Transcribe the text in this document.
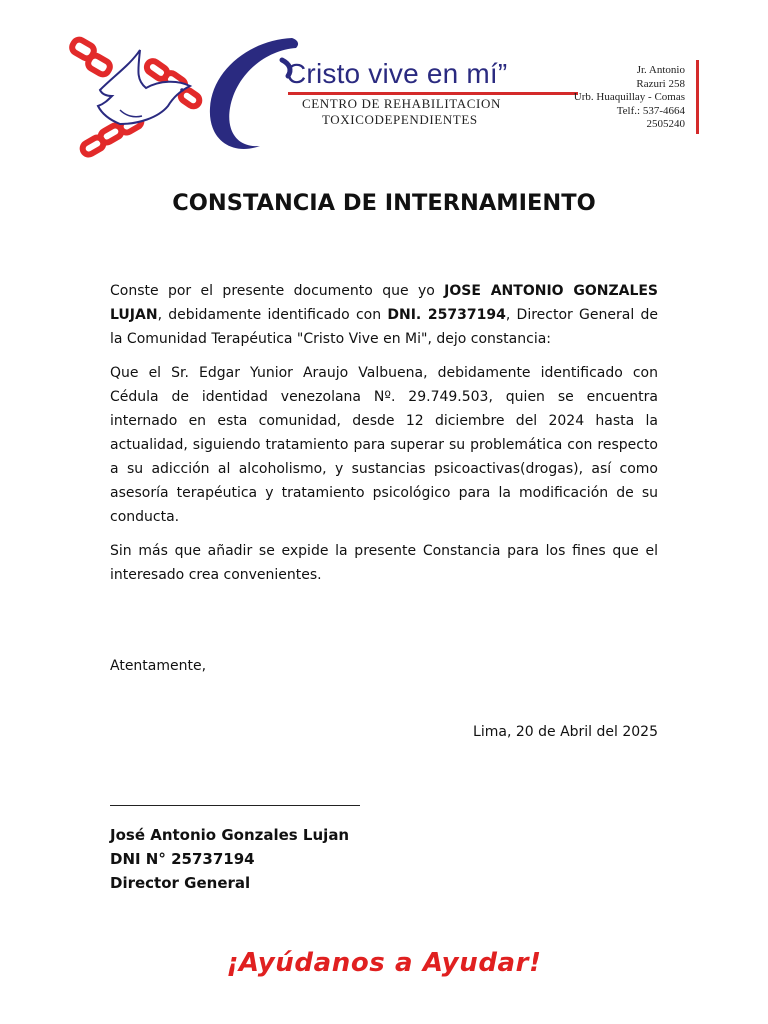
Cristo vive en mí”
CENTRO DE REHABILITACION
TOXICODEPENDIENTES
Jr. Antonio
Razuri 258
Urb. Huaquillay - Comas
Telf.: 537-4664
2505240
CONSTANCIA DE INTERNAMIENTO

Conste por el presente documento que yo JOSE ANTONIO GONZALES LUJAN, debidamente identificado con DNI. 25737194, Director General de la Comunidad Terapéutica "Cristo Vive en Mi", dejo constancia:

Que el Sr. Edgar Yunior Araujo Valbuena, debidamente identificado con Cédula de identidad venezolana Nº. 29.749.503, quien se encuentra internado en esta comunidad, desde 12 diciembre del 2024 hasta la actualidad, siguiendo tratamiento para superar su problemática con respecto a su adicción al alcoholismo, y sustancias psicoactivas(drogas), así como asesoría terapéutica y tratamiento psicológico para la modificación de su conducta.

Sin más que añadir se expide la presente Constancia para los fines que el interesado crea convenientes.

Atentamente,
Lima, 20 de Abril del 2025
José Antonio Gonzales Lujan
DNI N° 25737194
Director General
¡Ayúdanos a Ayudar!
